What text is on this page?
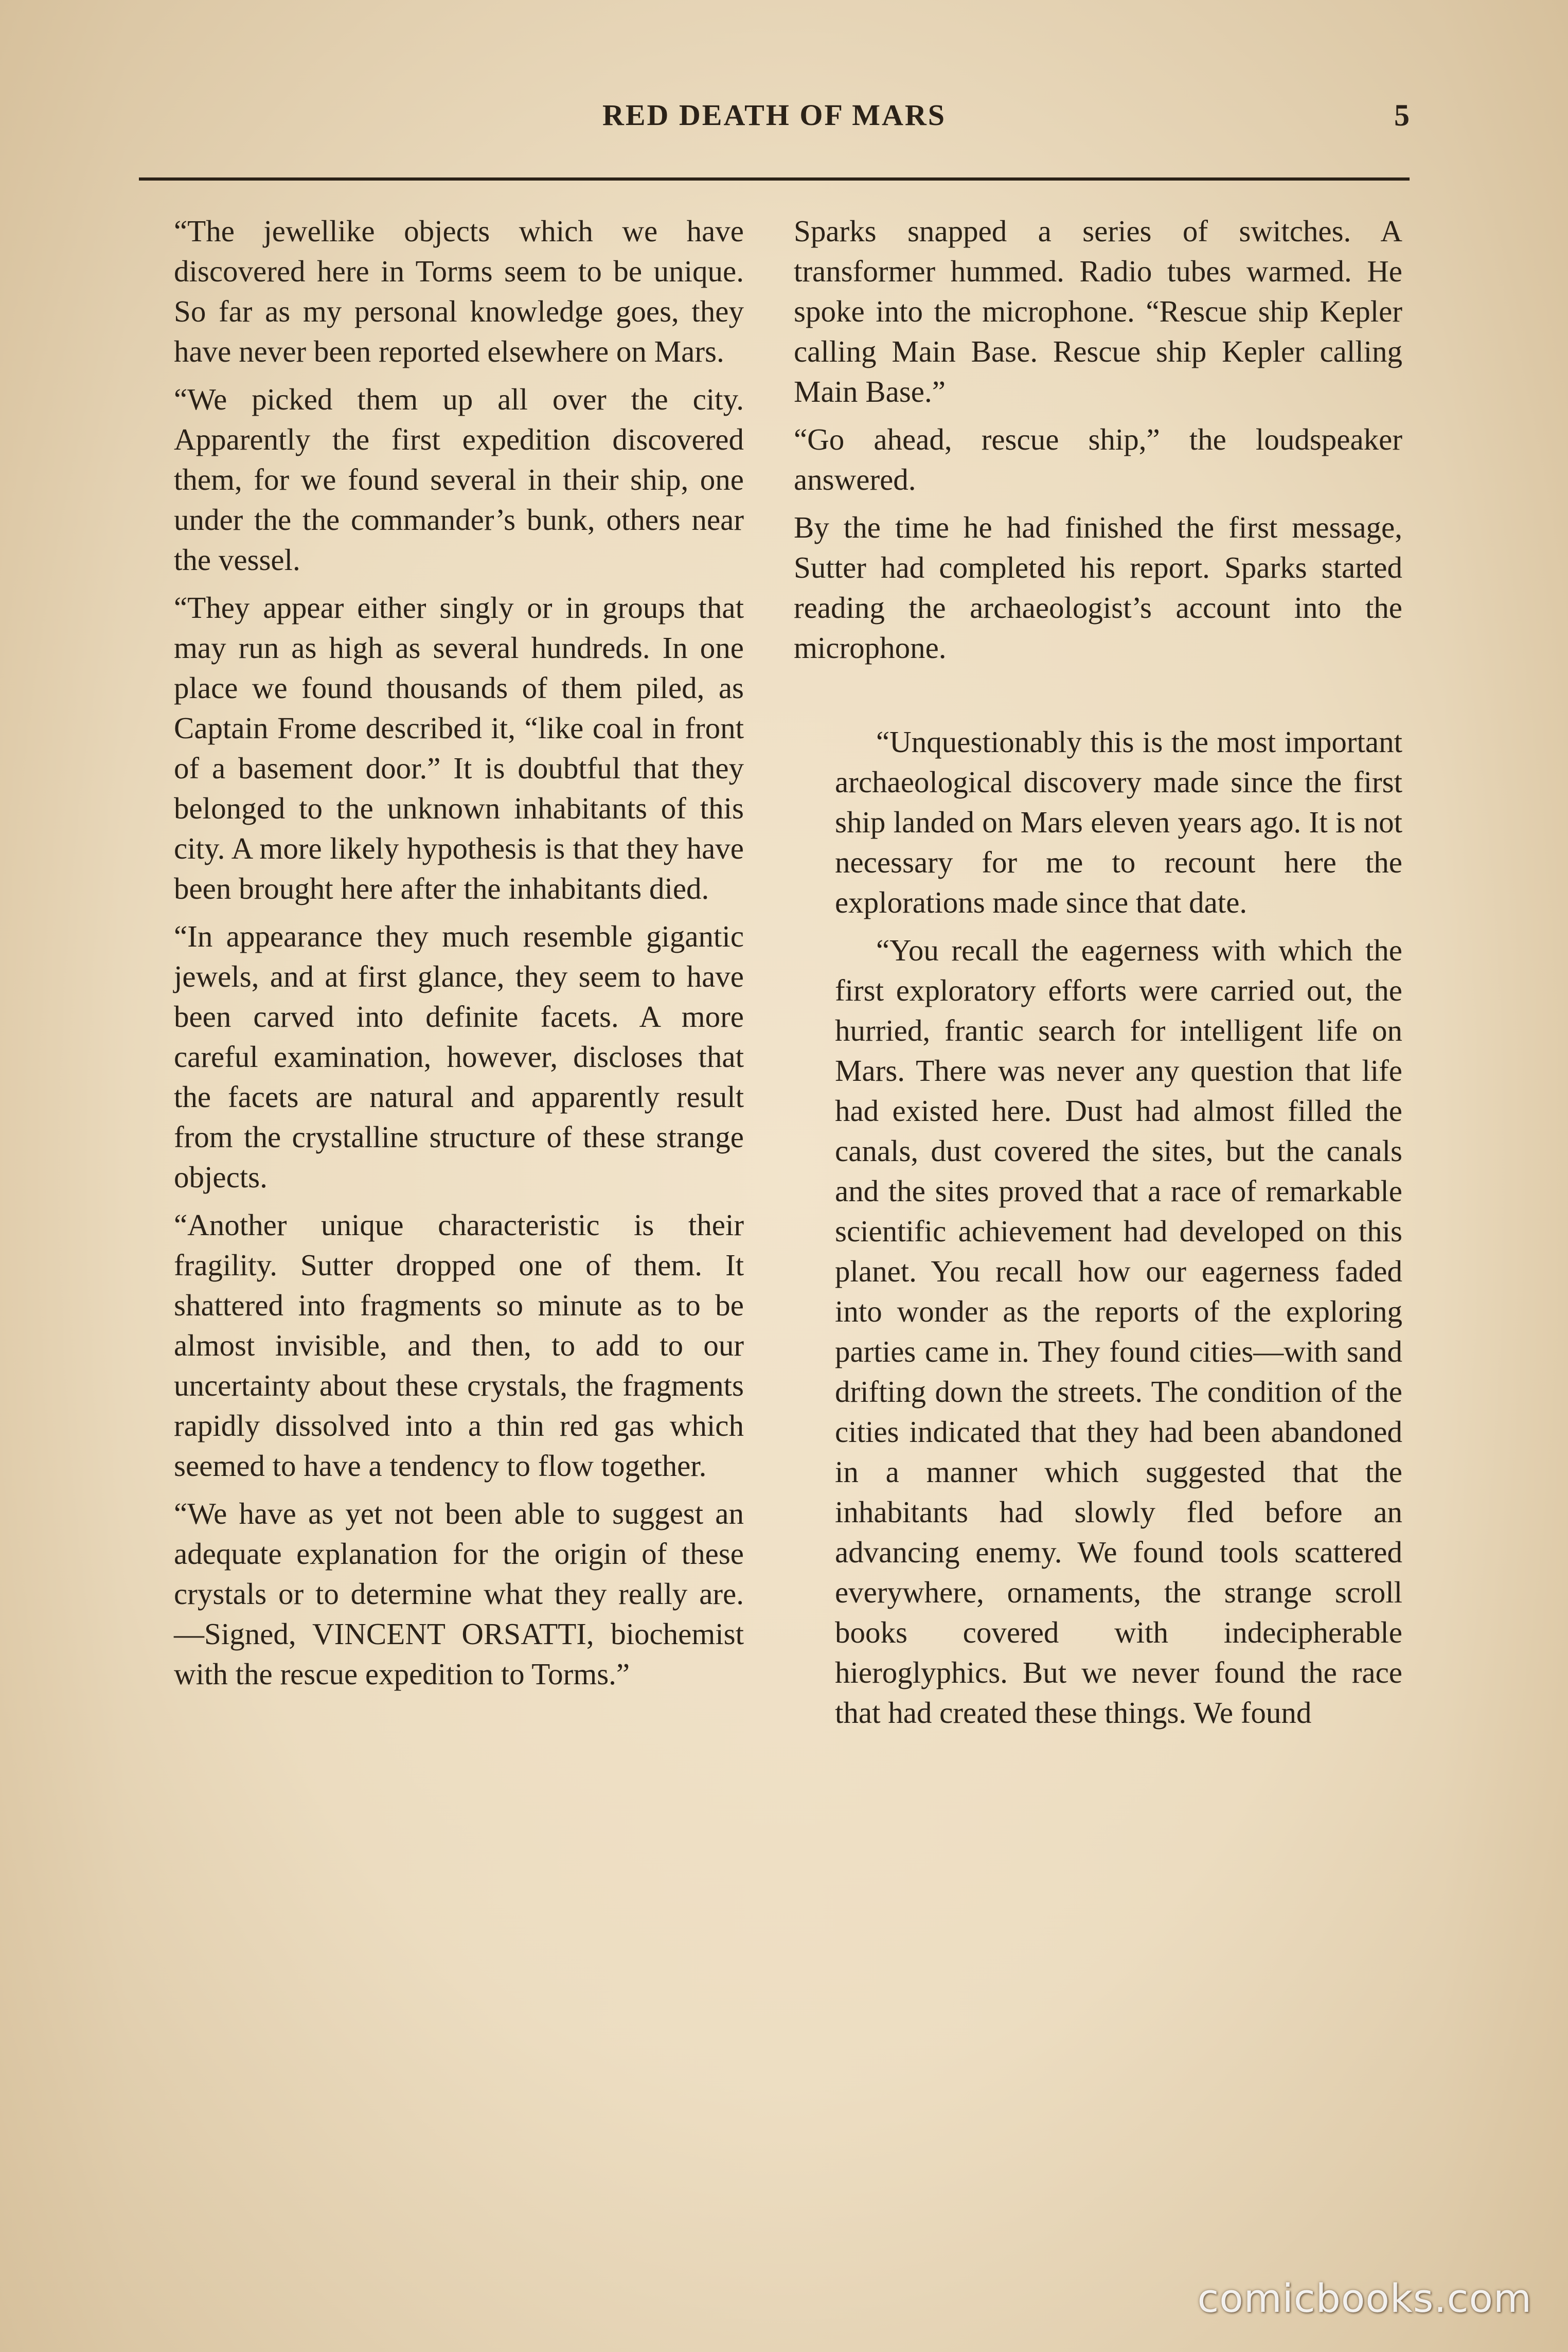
RED DEATH OF MARS	5

“The jewellike objects which we have discovered here in Torms seem to be unique. So far as my personal knowledge goes, they have never been reported elsewhere on Mars.

“We picked them up all over the city. Apparently the first expedition discovered them, for we found several in their ship, one under the the commander’s bunk, others near the vessel.

“They appear either singly or in groups that may run as high as several hundreds. In one place we found thousands of them piled, as Captain Frome described it, “like coal in front of a basement door.” It is doubtful that they belonged to the unknown inhabitants of this city. A more likely hypothesis is that they have been brought here after the inhabitants died.

“In appearance they much resemble gigantic jewels, and at first glance, they seem to have been carved into definite facets. A more careful examination, however, discloses that the facets are natural and apparently result from the crystalline structure of these strange objects.

“Another unique characteristic is their fragility. Sutter dropped one of them. It shattered into fragments so minute as to be almost invisible, and then, to add to our uncertainty about these crystals, the fragments rapidly dissolved into a thin red gas which seemed to have a tendency to flow together.

“We have as yet not been able to suggest an adequate explanation for the origin of these crystals or to determine what they really are. —Signed, VINCENT ORSATTI, biochemist with the rescue expedition to Torms.”

Sparks snapped a series of switches. A transformer hummed. Radio tubes warmed. He spoke into the microphone. “Rescue ship Kepler calling Main Base. Rescue ship Kepler calling Main Base.”

“Go ahead, rescue ship,” the loudspeaker answered.

By the time he had finished the first message, Sutter had completed his report. Sparks started reading the archaeologist’s account into the microphone.

“Unquestionably this is the most important archaeological discovery made since the first ship landed on Mars eleven years ago. It is not necessary for me to recount here the explorations made since that date.

“You recall the eagerness with which the first exploratory efforts were carried out, the hurried, frantic search for intelligent life on Mars. There was never any question that life had existed here. Dust had almost filled the canals, dust covered the sites, but the canals and the sites proved that a race of remarkable scientific achievement had developed on this planet. You recall how our eagerness faded into wonder as the reports of the exploring parties came in. They found cities—with sand drifting down the streets. The condition of the cities indicated that they had been abandoned in a manner which suggested that the inhabitants had slowly fled before an advancing enemy. We found tools scattered everywhere, ornaments, the strange scroll books covered with indecipherable hieroglyphics. But we never found the race that had created these things. We found

comicbooks.com
